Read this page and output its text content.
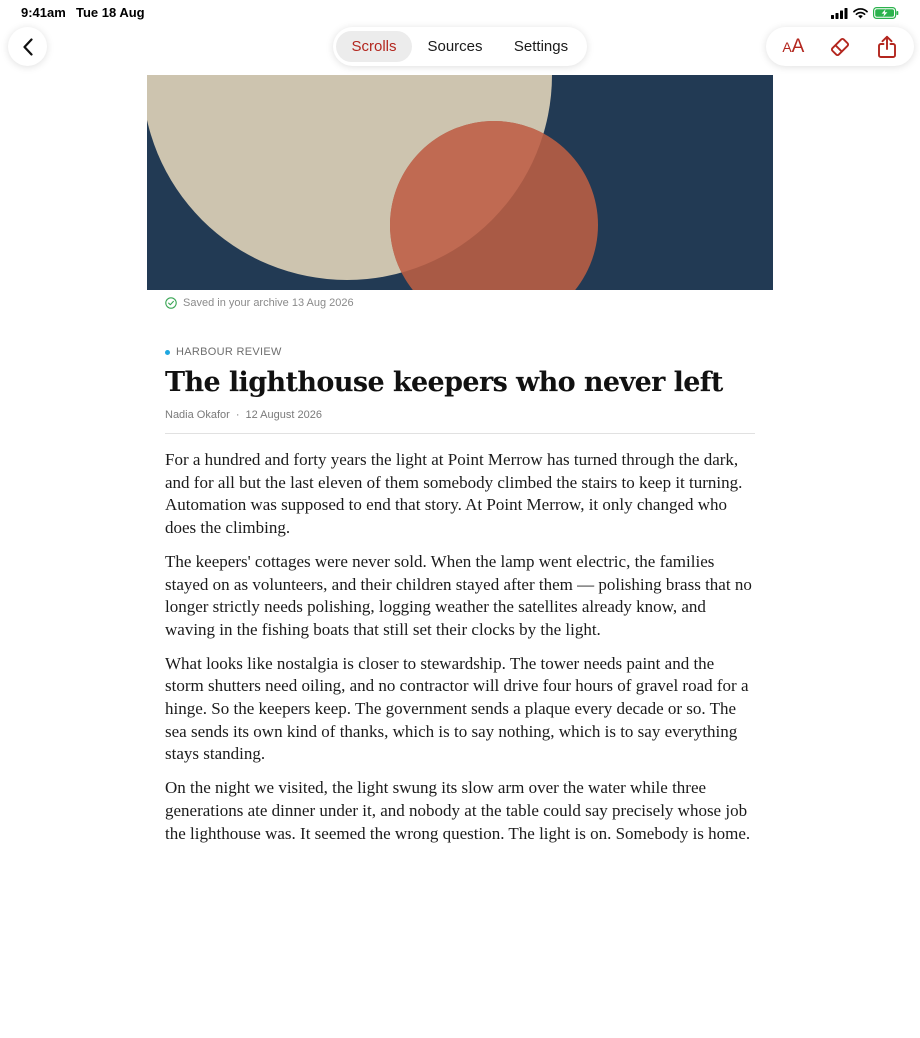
9:41am Tue 18 Aug
Scrolls	Sources	Settings	AA
Saved in your archive 13 Aug 2026
HARBOUR REVIEW
The lighthouse keepers who never left
Nadia Okafor · 12 August 2026

For a hundred and forty years the light at Point Merrow has turned through the dark, and for all but the last eleven of them somebody climbed the stairs to keep it turning. Automation was supposed to end that story. At Point Merrow, it only changed who does the climbing.

The keepers' cottages were never sold. When the lamp went electric, the families stayed on as volunteers, and their children stayed after them — polishing brass that no longer strictly needs polishing, logging weather the satellites already know, and waving in the fishing boats that still set their clocks by the light.

What looks like nostalgia is closer to stewardship. The tower needs paint and the storm shutters need oiling, and no contractor will drive four hours of gravel road for a hinge. So the keepers keep. The government sends a plaque every decade or so. The sea sends its own kind of thanks, which is to say nothing, which is to say everything stays standing.

On the night we visited, the light swung its slow arm over the water while three generations ate dinner under it, and nobody at the table could say precisely whose job the lighthouse was. It seemed the wrong question. The light is on. Somebody is home.
